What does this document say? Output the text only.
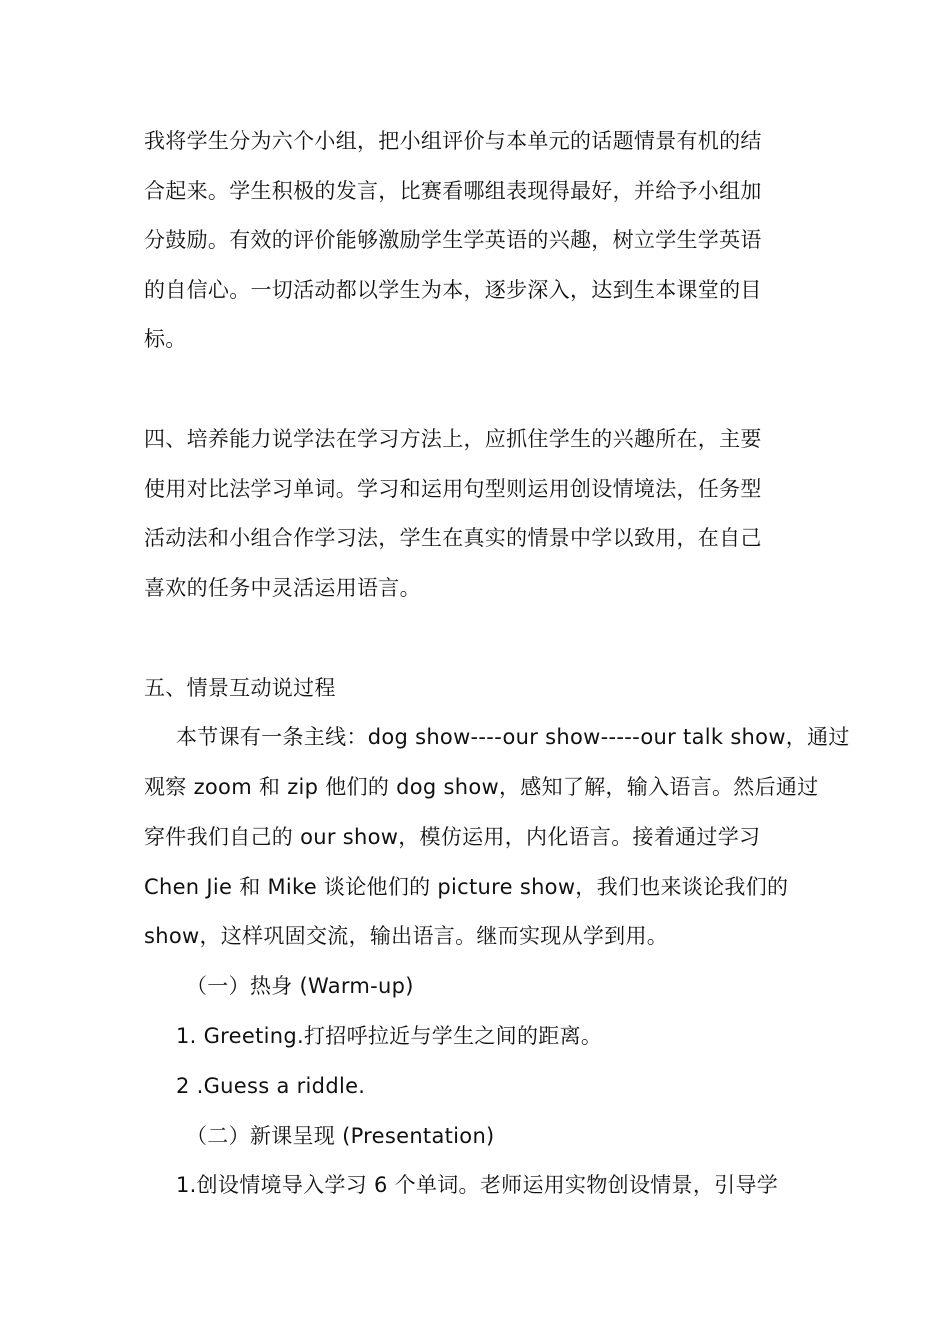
我将学生分为六个小组，把小组评价与本单元的话题情景有机的结
合起来。学生积极的发言，比赛看哪组表现得最好，并给予小组加
分鼓励。有效的评价能够激励学生学英语的兴趣，树立学生学英语
的自信心。一切活动都以学生为本，逐步深入，达到生本课堂的目
标。
四、培养能力说学法在学习方法上，应抓住学生的兴趣所在，主要
使用对比法学习单词。学习和运用句型则运用创设情境法，任务型
活动法和小组合作学习法，学生在真实的情景中学以致用，在自己
喜欢的任务中灵活运用语言。
五、情景互动说过程
本节课有一条主线：dog show----our show-----our talk show，通过
观察 zoom 和 zip 他们的 dog show，感知了解，输入语言。然后通过
穿件我们自己的 our show，模仿运用，内化语言。接着通过学习
Chen Jie 和 Mike 谈论他们的 picture show，我们也来谈论我们的
show，这样巩固交流，输出语言。继而实现从学到用。
（一）热身 (Warm-up)
1. Greeting.打招呼拉近与学生之间的距离。
2 .Guess a riddle.
（二）新课呈现 (Presentation)
1.创设情境导入学习 6 个单词。老师运用实物创设情景，引导学
